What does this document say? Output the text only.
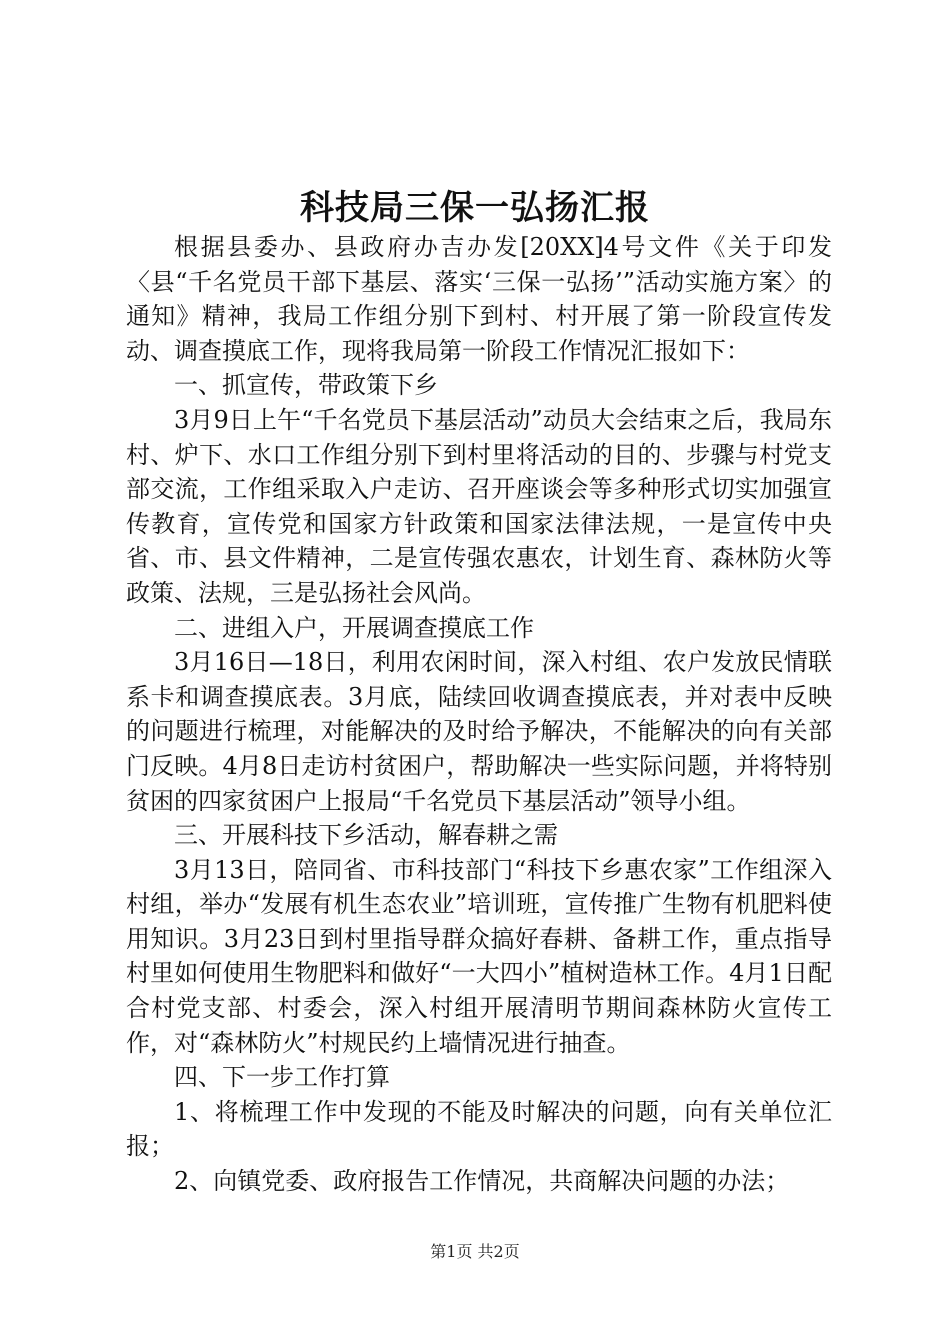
科技局三保一弘扬汇报

根据县委办、县政府办吉办发[20XX]4号文件《关于印发〈县“千名党员干部下基层、落实‘三保一弘扬’”活动实施方案〉的通知》精神，我局工作组分别下到村、村开展了第一阶段宣传发动、调查摸底工作，现将我局第一阶段工作情况汇报如下：

一、抓宣传，带政策下乡

3月9日上午“千名党员下基层活动”动员大会结束之后，我局东村、炉下、水口工作组分别下到村里将活动的目的、步骤与村党支部交流，工作组采取入户走访、召开座谈会等多种形式切实加强宣传教育，宣传党和国家方针政策和国家法律法规，一是宣传中央省、市、县文件精神，二是宣传强农惠农，计划生育、森林防火等政策、法规，三是弘扬社会风尚。

二、进组入户，开展调查摸底工作

3月16日—18日，利用农闲时间，深入村组、农户发放民情联系卡和调查摸底表。3月底，陆续回收调查摸底表，并对表中反映的问题进行梳理，对能解决的及时给予解决，不能解决的向有关部门反映。4月8日走访村贫困户，帮助解决一些实际问题，并将特别贫困的四家贫困户上报局“千名党员下基层活动”领导小组。

三、开展科技下乡活动，解春耕之需

3月13日，陪同省、市科技部门“科技下乡惠农家”工作组深入村组，举办“发展有机生态农业”培训班，宣传推广生物有机肥料使用知识。3月23日到村里指导群众搞好春耕、备耕工作，重点指导村里如何使用生物肥料和做好“一大四小”植树造林工作。4月1日配合村党支部、村委会，深入村组开展清明节期间森林防火宣传工作，对“森林防火”村规民约上墙情况进行抽查。

四、下一步工作打算

1、将梳理工作中发现的不能及时解决的问题，向有关单位汇报；

2、向镇党委、政府报告工作情况，共商解决问题的办法；

第1页 共2页
